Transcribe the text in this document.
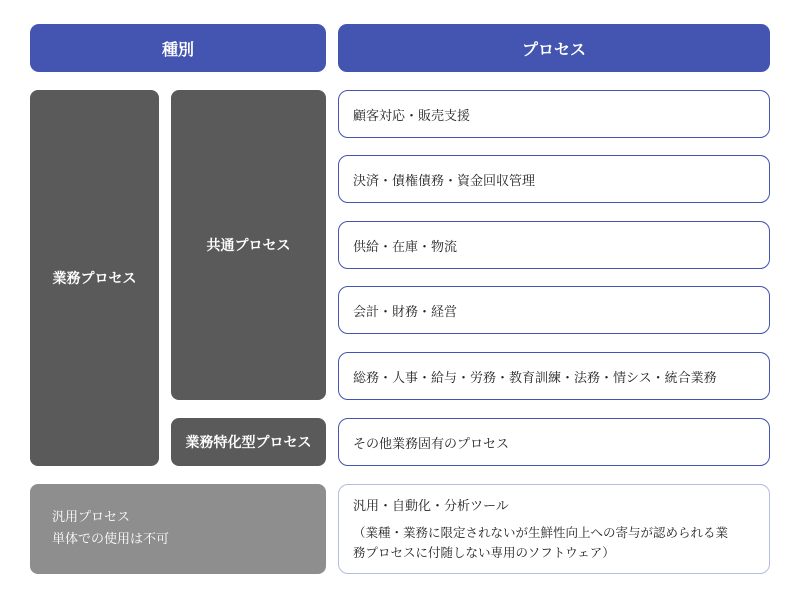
種別	プロセス
業務プロセス
共通プロセス
業務特化型プロセス
汎用プロセス
単体での使用は不可
顧客対応・販売支援
決済・債権債務・資金回収管理
供給・在庫・物流
会計・財務・経営
総務・人事・給与・労務・教育訓練・法務・情シス・統合業務
その他業務固有のプロセス
汎用・自動化・分析ツール
（業種・業務に限定されないが生鮮性向上への寄与が認められる業
務プロセスに付随しない専用のソフトウェア）
